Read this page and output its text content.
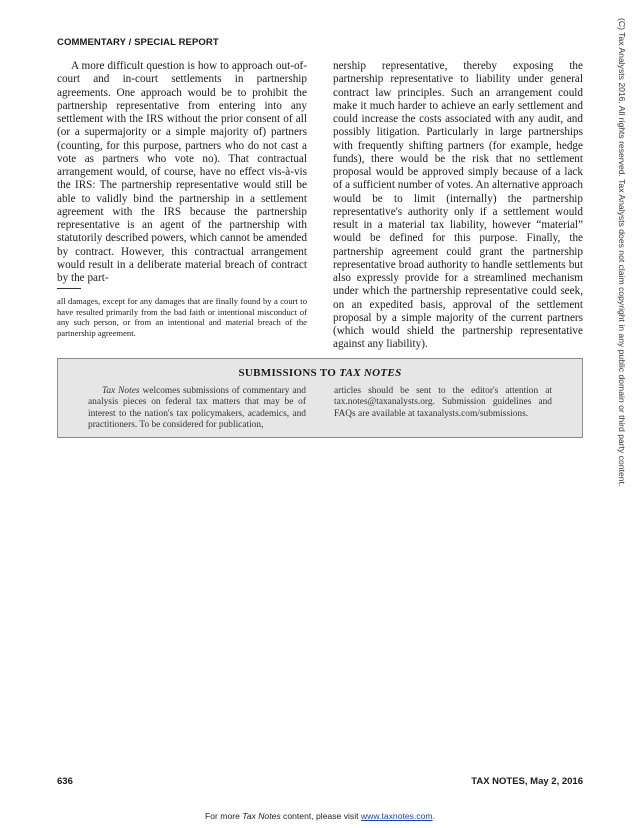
COMMENTARY / SPECIAL REPORT

A more difficult question is how to approach out-of-court and in-court settlements in partnership agreements. One approach would be to prohibit the partnership representative from entering into any settlement with the IRS without the prior consent of all (or a supermajority or a simple majority of) partners (counting, for this purpose, partners who do not cast a vote as partners who vote no). That contractual arrangement would, of course, have no effect vis-à-vis the IRS: The partnership representative would still be able to validly bind the partnership in a settlement agreement with the IRS because the partnership representative is an agent of the partnership with statutorily described powers, which cannot be amended by contract. However, this contractual arrangement would result in a deliberate material breach of contract by the part-

nership representative, thereby exposing the partnership representative to liability under general contract law principles. Such an arrangement could make it much harder to achieve an early settlement and could increase the costs associated with any audit, and possibly litigation. Particularly in large partnerships with frequently shifting partners (for example, hedge funds), there would be the risk that no settlement proposal would be approved simply because of a lack of a sufficient number of votes. An alternative approach would be to limit (internally) the partnership representative's authority only if a settlement would result in a material tax liability, however “material” would be defined for this purpose. Finally, the partnership agreement could grant the partnership representative broad authority to handle settlements but also expressly provide for a streamlined mechanism under which the partnership representative could seek, on an expedited basis, approval of the settlement proposal by a simple majority of the current partners (which would shield the partnership representative against any liability).

all damages, except for any damages that are finally found by a court to have resulted primarily from the bad faith or intentional misconduct of any such person, or from an intentional and material breach of the partnership agreement.
SUBMISSIONS TO TAX NOTES
Tax Notes welcomes submissions of commentary and analysis pieces on federal tax matters that may be of interest to the nation's tax policymakers, academics, and practitioners. To be considered for publication,
articles should be sent to the editor's attention at tax.notes@taxanalysts.org. Submission guidelines and FAQs are available at taxanalysts.com/submissions.	(C) Tax Analysts 2016. All rights reserved. Tax Analysts does not claim copyright in any public domain or third party content.
636	TAX NOTES, May 2, 2016
For more Tax Notes content, please visit www.taxnotes.com.
